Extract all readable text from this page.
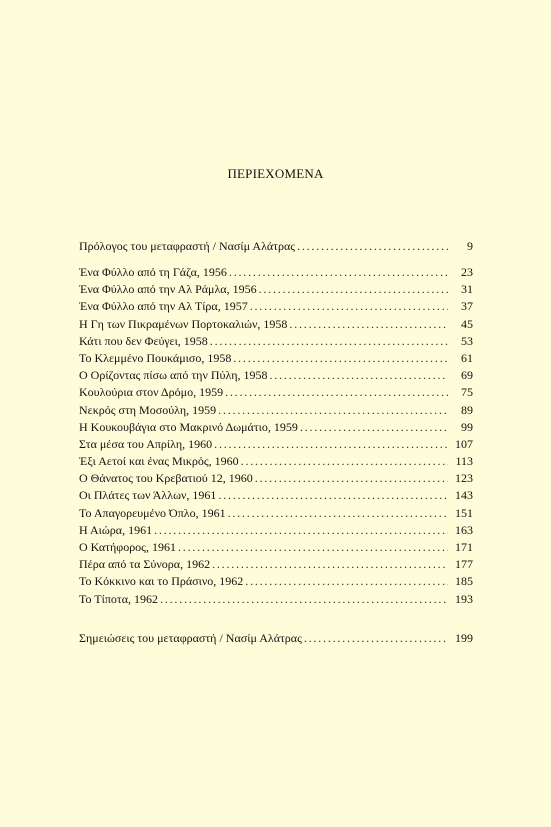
ΠΕΡΙΕΧΟΜΕΝΑ
Πρόλογος του μεταφραστή / Νασίμ Αλάτρας . . .	9
Ένα Φύλλο από τη Γάζα, 1956 . . .	23
Ένα Φύλλο από την Αλ Ράμλα, 1956 . . .	31
Ένα Φύλλο από την Αλ Τίρα, 1957 . . .	37
Η Γη των Πικραμένων Πορτοκαλιών, 1958 . . .	45
Κάτι που δεν Φεύγει, 1958 . . .	53
Το Κλεμμένο Πουκάμισο, 1958 . . .	61
Ο Ορίζοντας πίσω από την Πύλη, 1958 . . .	69
Κουλούρια στον Δρόμο, 1959 . . .	75
Νεκρός στη Μοσούλη, 1959 . . .	89
Η Κουκουβάγια στο Μακρινό Δωμάτιο, 1959 . . .	99
Στα μέσα του Απρίλη, 1960 . . .	107
Έξι Αετοί και ένας Μικρός, 1960 . . .	113
Ο Θάνατος του Κρεβατιού 12, 1960 . . .	123
Οι Πλάτες των Άλλων, 1961 . . .	143
Το Απαγορευμένο Όπλο, 1961 . . .	151
Η Αιώρα, 1961 . . .	163
Ο Κατήφορος, 1961 . . .	171
Πέρα από τα Σύνορα, 1962 . . .	177
Το Κόκκινο και το Πράσινο, 1962 . . .	185
Το Τίποτα, 1962 . . .	193
Σημειώσεις του μεταφραστή / Νασίμ Αλάτρας . . .	199
